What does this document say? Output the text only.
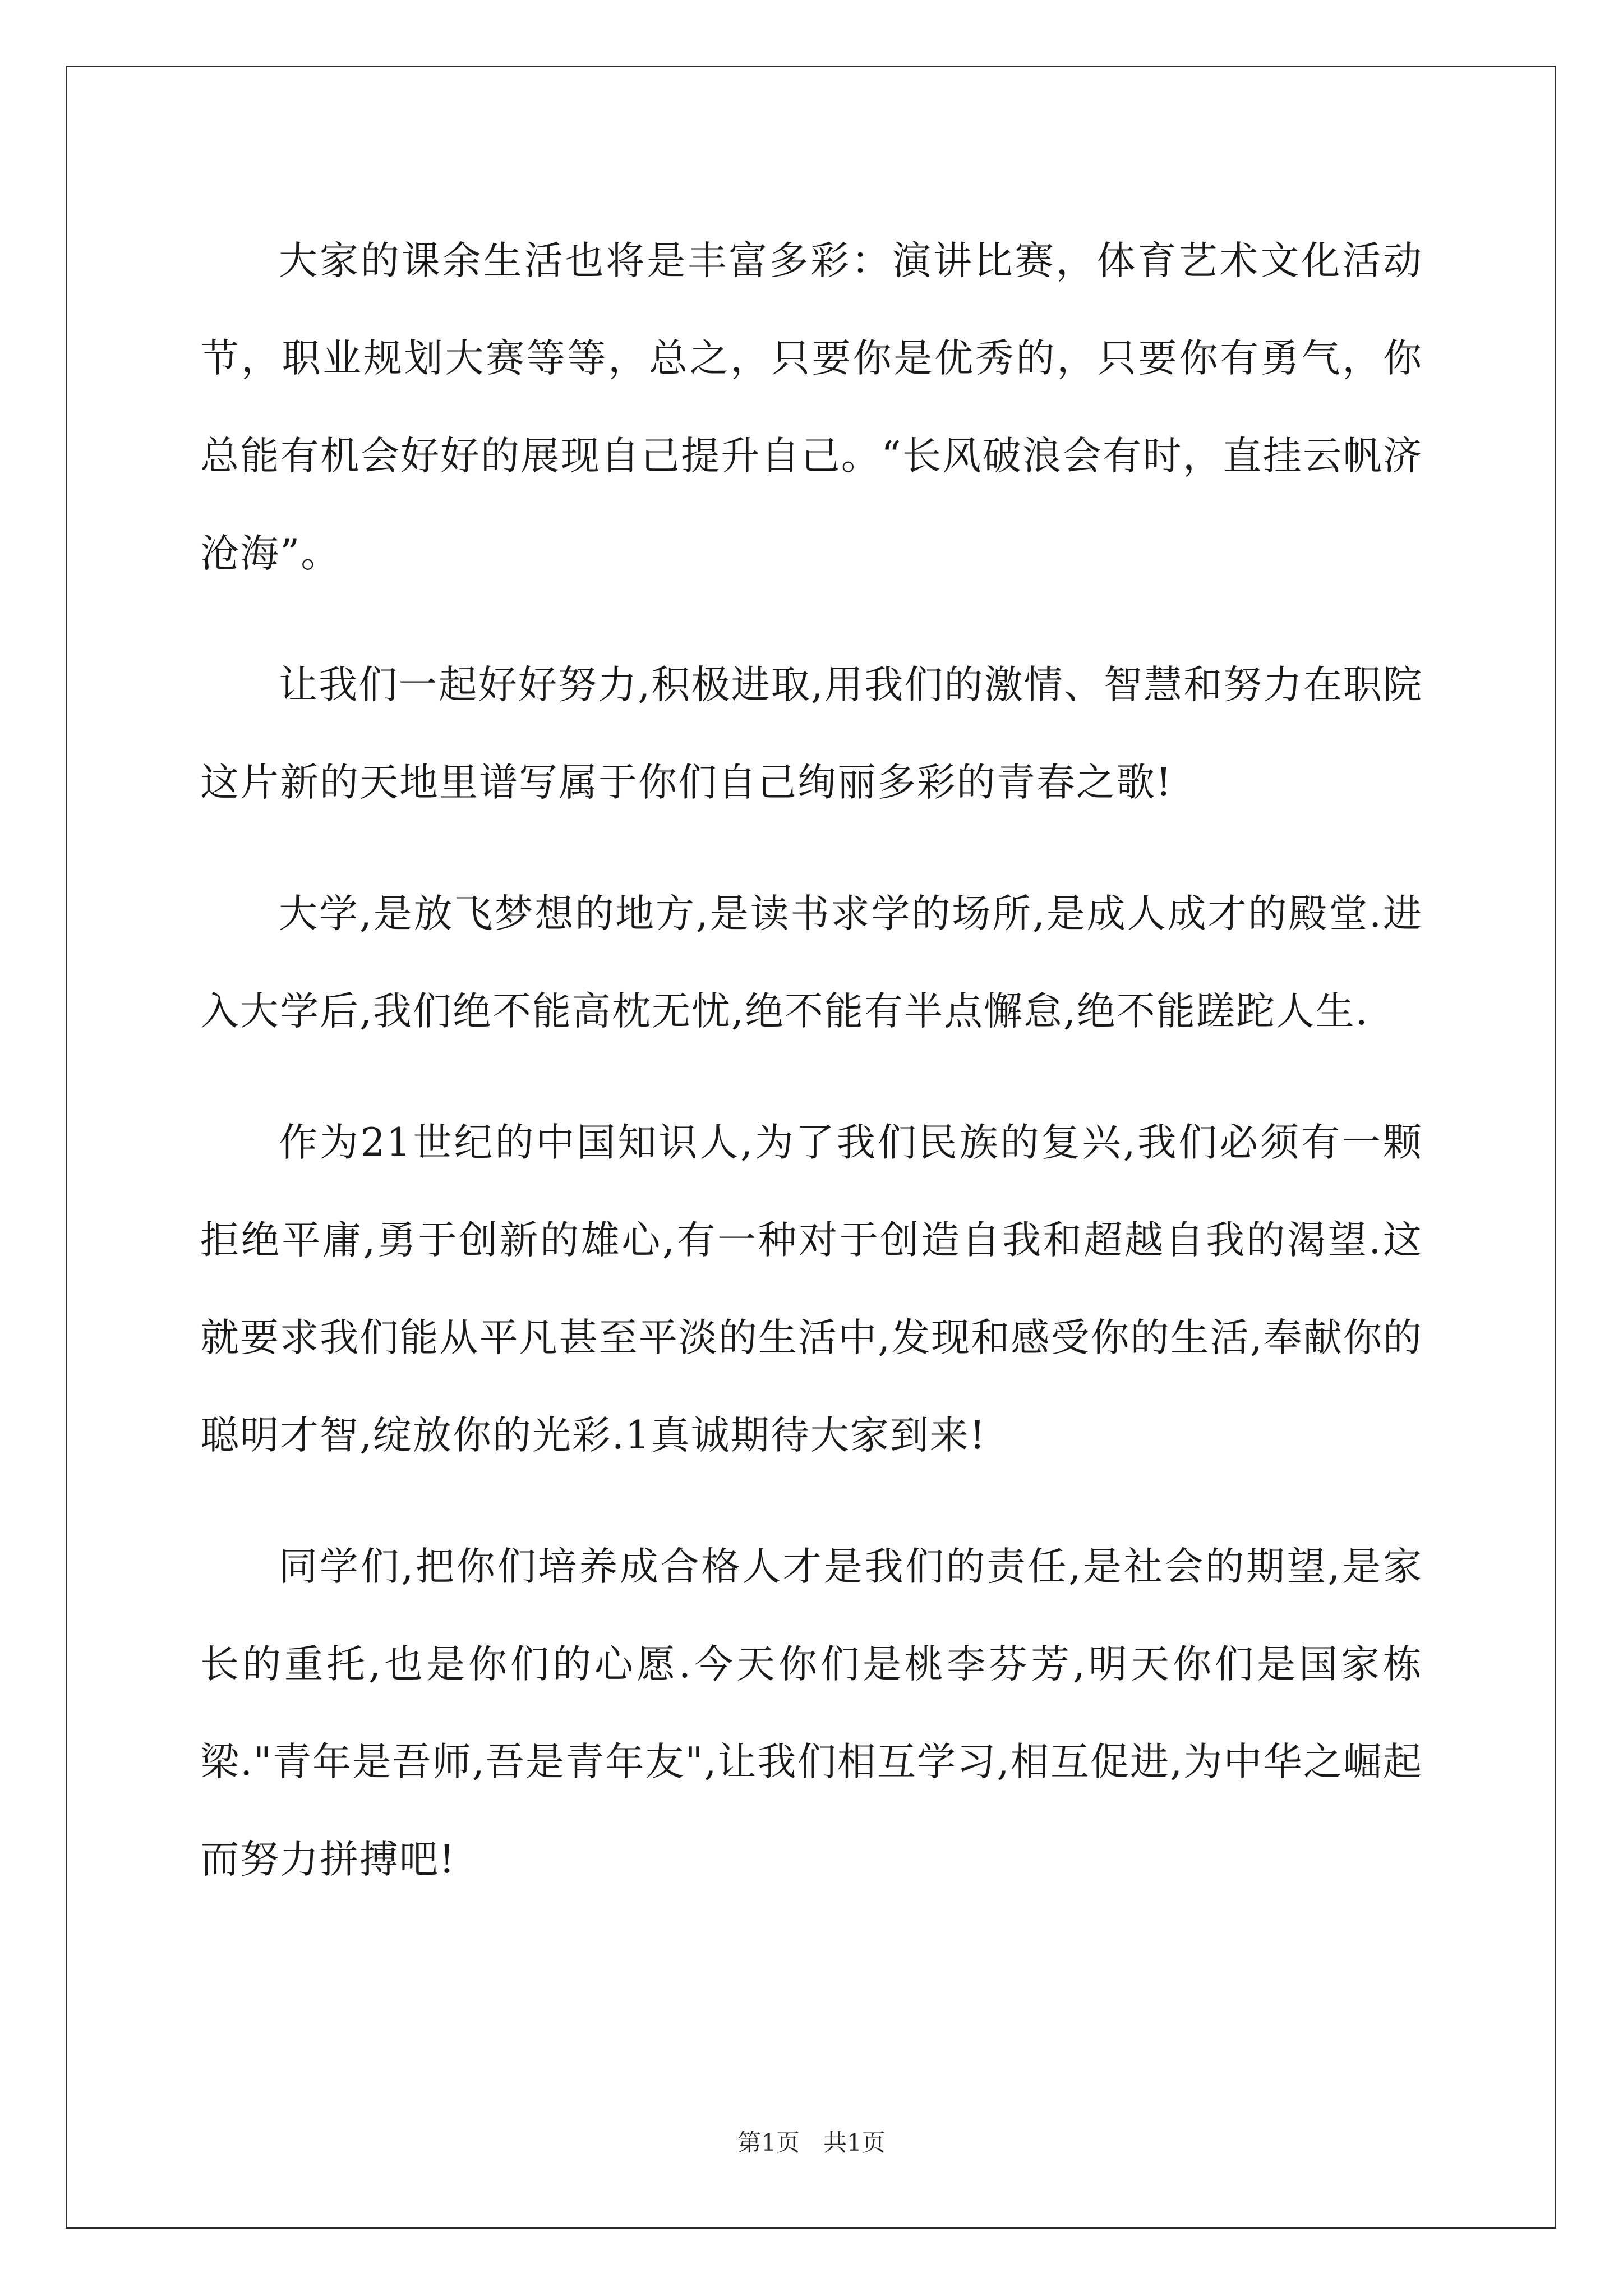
大家的课余生活也将是丰富多彩：演讲比赛，体育艺术文化活动节，职业规划大赛等等，总之，只要你是优秀的，只要你有勇气，你总能有机会好好的展现自己提升自己。“长风破浪会有时，直挂云帆济沧海”。

让我们一起好好努力,积极进取,用我们的激情、智慧和努力在职院这片新的天地里谱写属于你们自己绚丽多彩的青春之歌!

大学,是放飞梦想的地方,是读书求学的场所,是成人成才的殿堂.进入大学后,我们绝不能高枕无忧,绝不能有半点懈怠,绝不能蹉跎人生.

作为21世纪的中国知识人,为了我们民族的复兴,我们必须有一颗拒绝平庸,勇于创新的雄心,有一种对于创造自我和超越自我的渴望.这就要求我们能从平凡甚至平淡的生活中,发现和感受你的生活,奉献你的聪明才智,绽放你的光彩.1真诚期待大家到来!

同学们,把你们培养成合格人才是我们的责任,是社会的期望,是家长的重托,也是你们的心愿.今天你们是桃李芬芳,明天你们是国家栋梁."青年是吾师,吾是青年友",让我们相互学习,相互促进,为中华之崛起而努力拼搏吧!

第1页　共1页
